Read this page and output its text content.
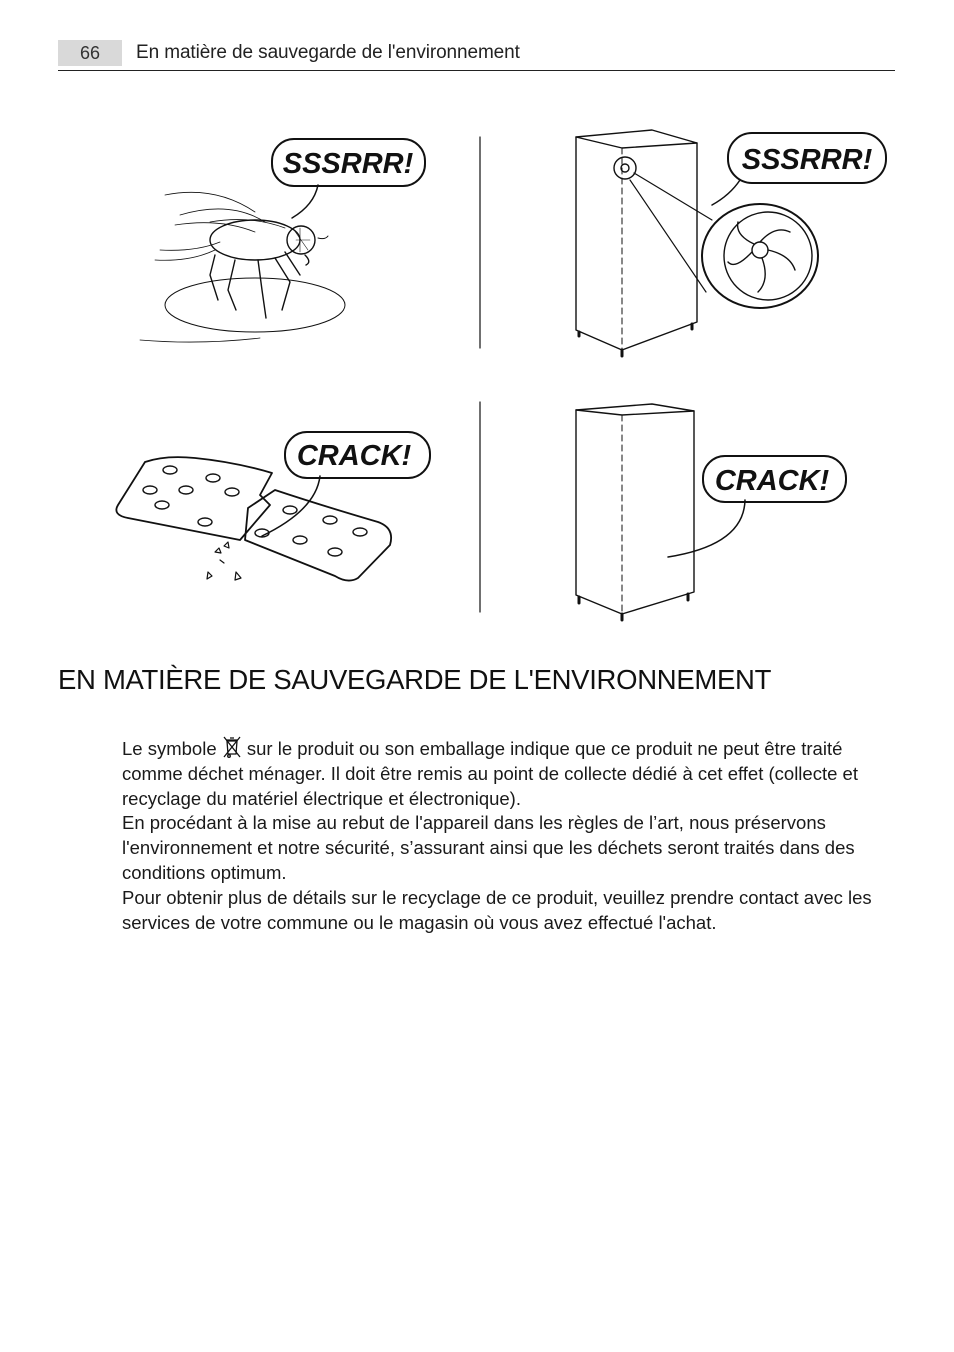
66	En matière de sauvegarde de l'environnement
SSSRRR!	SSSRRR!
CRACK!
CRACK!
EN MATIÈRE DE SAUVEGARDE DE L'ENVIRONNEMENT

Le symbole  sur le produit ou son emballage indique que ce produit ne peut être traité comme déchet ménager. Il doit être remis au point de collecte dédié à cet effet (collecte et recyclage du matériel électrique et électronique).

En procédant à la mise au rebut de l'appareil dans les règles de l’art, nous préservons l'environnement et notre sécurité, s’assurant ainsi que les déchets seront traités dans des conditions optimum.

Pour obtenir plus de détails sur le recyclage de ce produit, veuillez prendre contact avec les services de votre commune ou le magasin où vous avez effectué l'achat.
